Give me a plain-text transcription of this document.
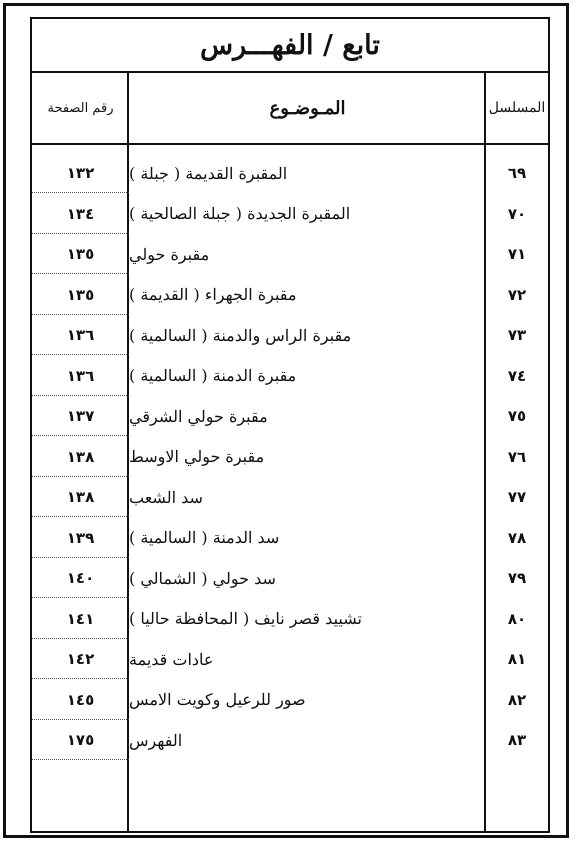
تابع / الفهـــرس
المسلسل
المـوضـوع
رقم الصفحة
٦٩
المقبرة القديمة ( جبلة )
١٣٢
٧٠
المقبرة الجديدة ( جبلة الصالحية )
١٣٤
٧١
مقبرة حولي
١٣٥
٧٢
مقبرة الجهراء ( القديمة )
١٣٥
٧٣
مقبرة الراس والدمنة ( السالمية )
١٣٦
٧٤
مقبرة الدمنة ( السالمية )
١٣٦
٧٥
مقبرة حولي الشرقي
١٣٧
٧٦
مقبرة حولي الاوسط
١٣٨
٧٧
سد الشعب
١٣٨
٧٨
سد الدمنة ( السالمية )
١٣٩
٧٩
سد حولي ( الشمالي )
١٤٠
٨٠
تشييد قصر نايف ( المحافظة حاليا )
١٤١
٨١
عادات قديمة
١٤٢
٨٢
صور للرعيل وكويت الامس
١٤٥
٨٣
الفهرس
١٧٥
